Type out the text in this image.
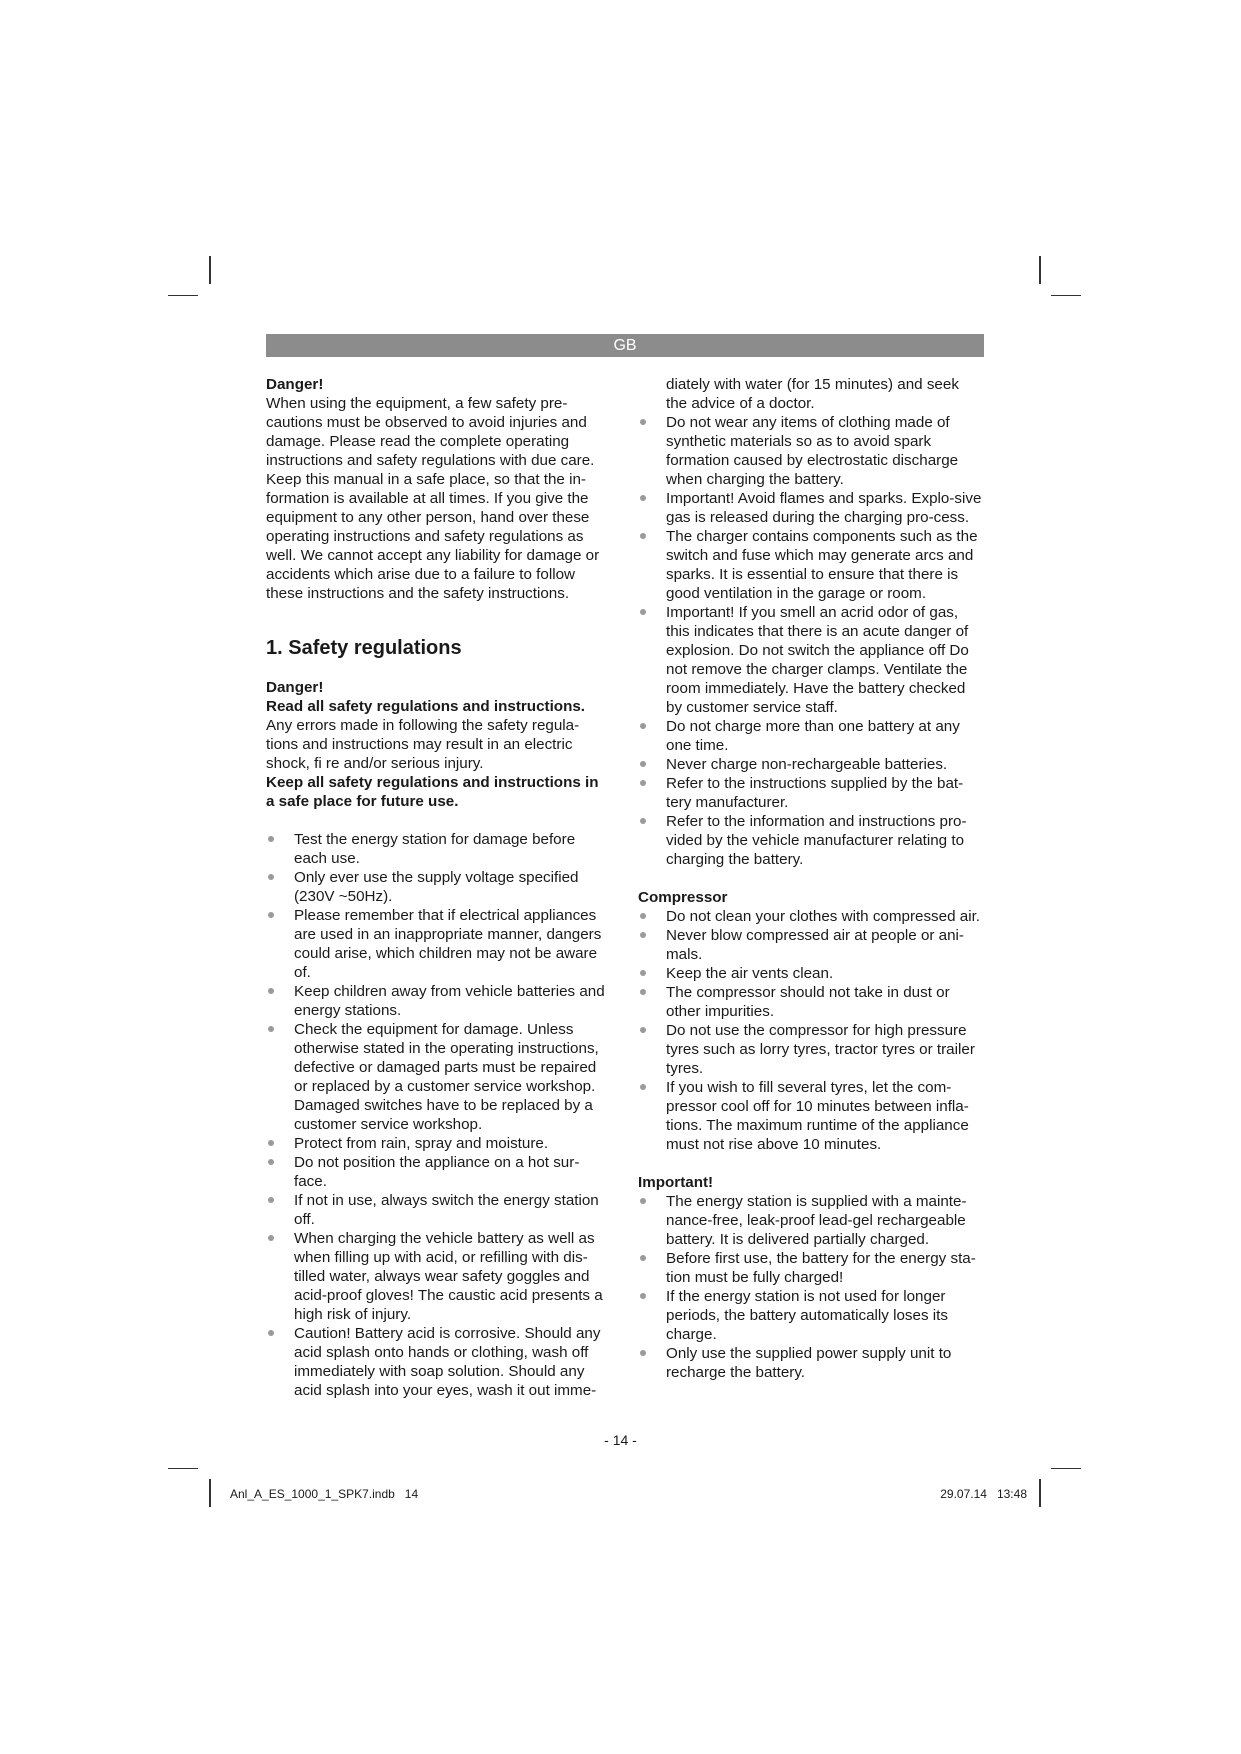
GB

Danger!

When using the equipment, a few safety pre-cautions must be observed to avoid injuries and damage. Please read the complete operating instructions and safety regulations with due care. Keep this manual in a safe place, so that the in-formation is available at all times. If you give the equipment to any other person, hand over these operating instructions and safety regulations as well. We cannot accept any liability for damage or accidents which arise due to a failure to follow these instructions and the safety instructions.

1. Safety regulations

Danger!

Read all safety regulations and instructions.

Any errors made in following the safety regula-tions and instructions may result in an electric shock, fi re and/or serious injury.

Keep all safety regulations and instructions in a safe place for future use.

Test the energy station for damage before each use.
Only ever use the supply voltage specified (230V ~50Hz).
Please remember that if electrical appliances are used in an inappropriate manner, dangers could arise, which children may not be aware of.
Keep children away from vehicle batteries and energy stations.
Check the equipment for damage. Unless otherwise stated in the operating instructions, defective or damaged parts must be repaired or replaced by a customer service workshop. Damaged switches have to be replaced by a customer service workshop.
Protect from rain, spray and moisture.
Do not position the appliance on a hot sur-face.
If not in use, always switch the energy station off.
When charging the vehicle battery as well as when filling up with acid, or refilling with dis-tilled water, always wear safety goggles and acid-proof gloves! The caustic acid presents a high risk of injury.
Caution! Battery acid is corrosive. Should any acid splash onto hands or clothing, wash off immediately with soap solution. Should any acid splash into your eyes, wash it out imme-

diately with water (for 15 minutes) and seek the advice of a doctor.

Do not wear any items of clothing made of synthetic materials so as to avoid spark formation caused by electrostatic discharge when charging the battery.
Important! Avoid flames and sparks. Explo-sive gas is released during the charging pro-cess.
The charger contains components such as the switch and fuse which may generate arcs and sparks. It is essential to ensure that there is good ventilation in the garage or room.
Important! If you smell an acrid odor of gas, this indicates that there is an acute danger of explosion. Do not switch the appliance off Do not remove the charger clamps. Ventilate the room immediately. Have the battery checked by customer service staff.
Do not charge more than one battery at any one time.
Never charge non-rechargeable batteries.
Refer to the instructions supplied by the bat-tery manufacturer.
Refer to the information and instructions pro-vided by the vehicle manufacturer relating to charging the battery.

Compressor

Do not clean your clothes with compressed air.
Never blow compressed air at people or ani-mals.
Keep the air vents clean.
The compressor should not take in dust or other impurities.
Do not use the compressor for high pressure tyres such as lorry tyres, tractor tyres or trailer tyres.
If you wish to fill several tyres, let the com-pressor cool off for 10 minutes between infla-tions. The maximum runtime of the appliance must not rise above 10 minutes.

Important!

The energy station is supplied with a mainte-nance-free, leak-proof lead-gel rechargeable battery. It is delivered partially charged.
Before first use, the battery for the energy sta-tion must be fully charged!
If the energy station is not used for longer periods, the battery automatically loses its charge.
Only use the supplied power supply unit to recharge the battery.
- 14 -
Anl_A_ES_1000_1_SPK7.indb   14	29.07.14   13:48
